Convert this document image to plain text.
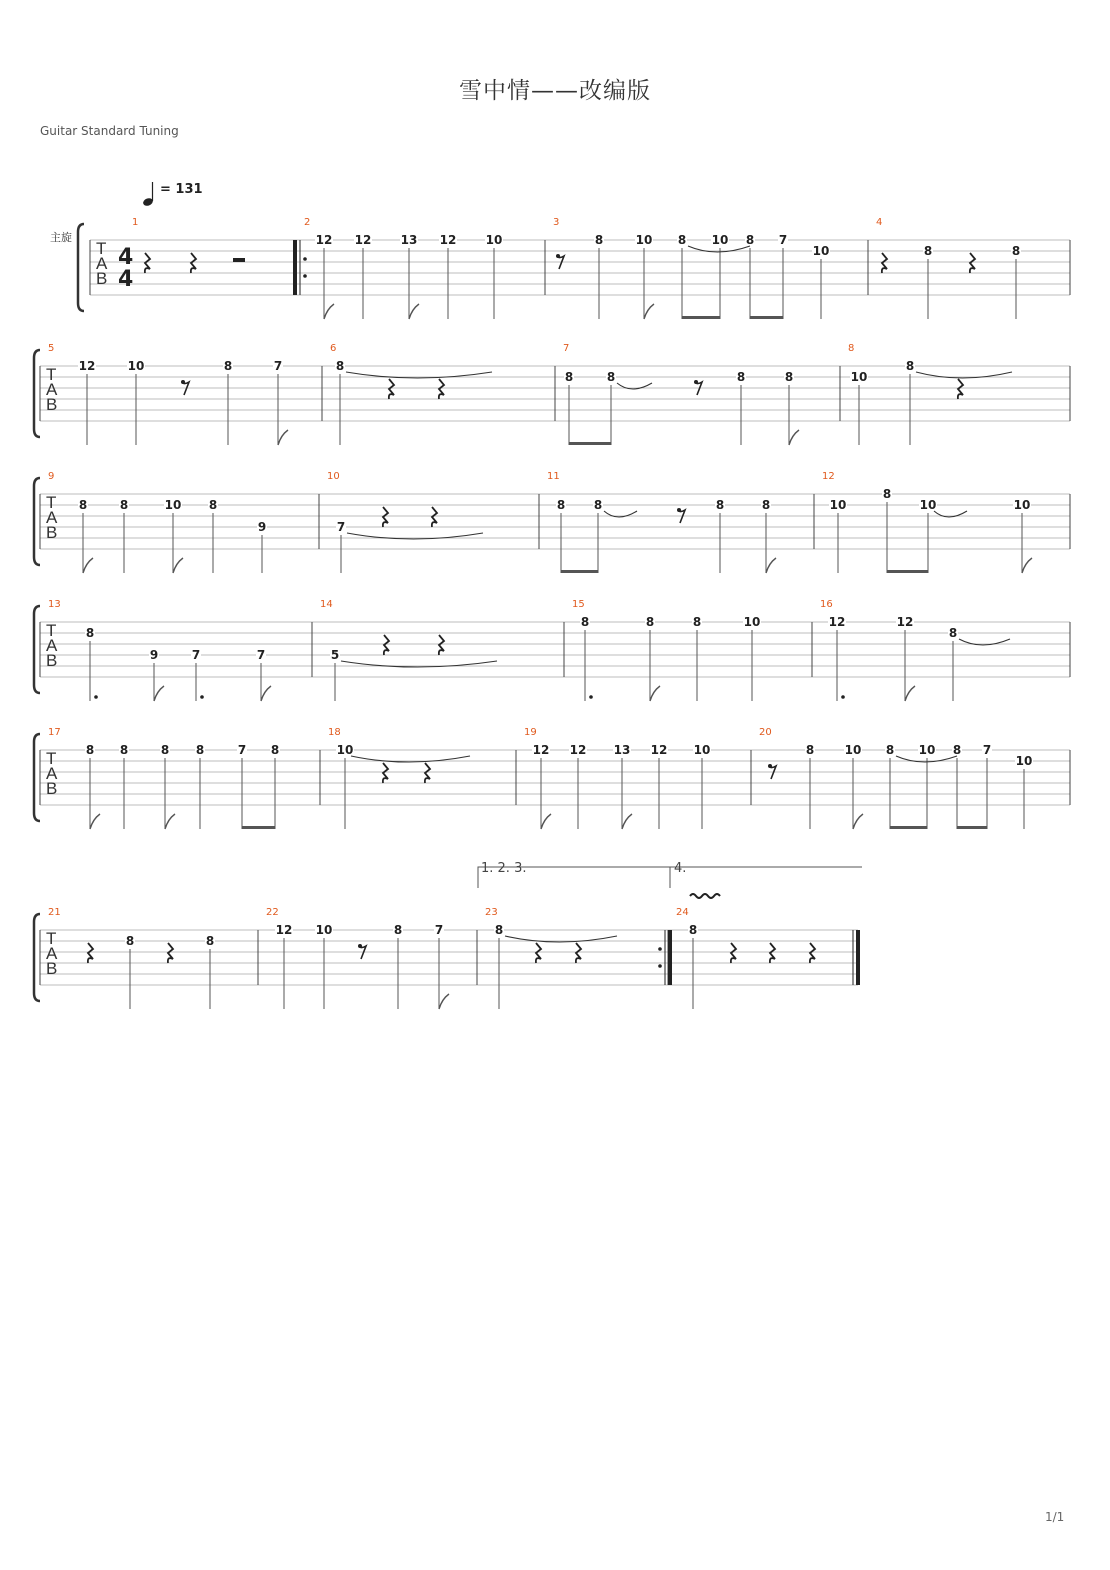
雪中情——改编版
Guitar Standard Tuning
= 131
主旋
1. 2. 3.	4.
T
A
B
4
4
1	2
12 12 13 12 10
3
8	10 8 10 8 7
10
4
8	8
T
A
B
5
12	10	8	7
6
8
7
8	8	8	8
8
10
8
T
A
B
9
8	8	10 8
9
10
7
11
8 8	8	8
12
10
8
10	10
T
A
B
13
8
9	7	7
14
5
15
8	8	8	10
16
12	12
8
T
A
B
17
8 8	8 8	7 8
18
10
19
12 12 13 12 10
20
8	10 8 10 8 7
10
T
A
B
21
8	8
22
12 10	8	7
23
8
24
8
1/1
